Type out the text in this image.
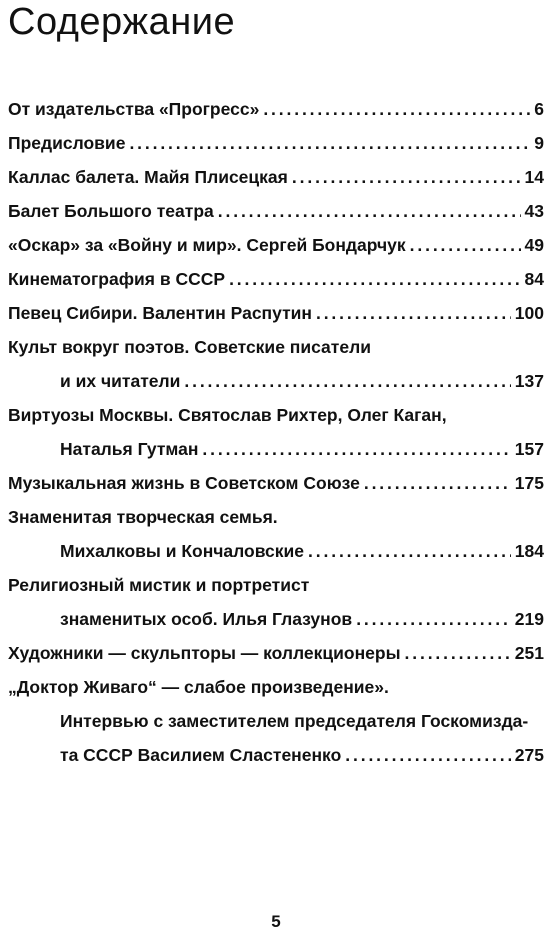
Содержание
От издательства «Прогресс» . . .	6
Предисловие . . .	9
Каллас балета. Майя Плисецкая . . .	14
Балет Большого театра . . .	43
«Оскар» за «Войну и мир». Сергей Бондарчук . . .	49
Кинематография в СССР . . .	84
Певец Сибири. Валентин Распутин . . .	100
Культ вокруг поэтов. Советские писатели
и их читатели . . .	137
Виртуозы Москвы. Святослав Рихтер, Олег Каган,
Наталья Гутман . . .	157
Музыкальная жизнь в Советском Союзе . . .	175
Знаменитая творческая семья.
Михалковы и Кончаловские . . .	184
Религиозный мистик и портретист
знаменитых особ. Илья Глазунов . . .	219
Художники — скульпторы — коллекционеры . . .	251
„Доктор Живаго“ — слабое произведение».
Интервью с заместителем председателя Госкомизда-
та СССР Василием Сластененко . . .	275
5
